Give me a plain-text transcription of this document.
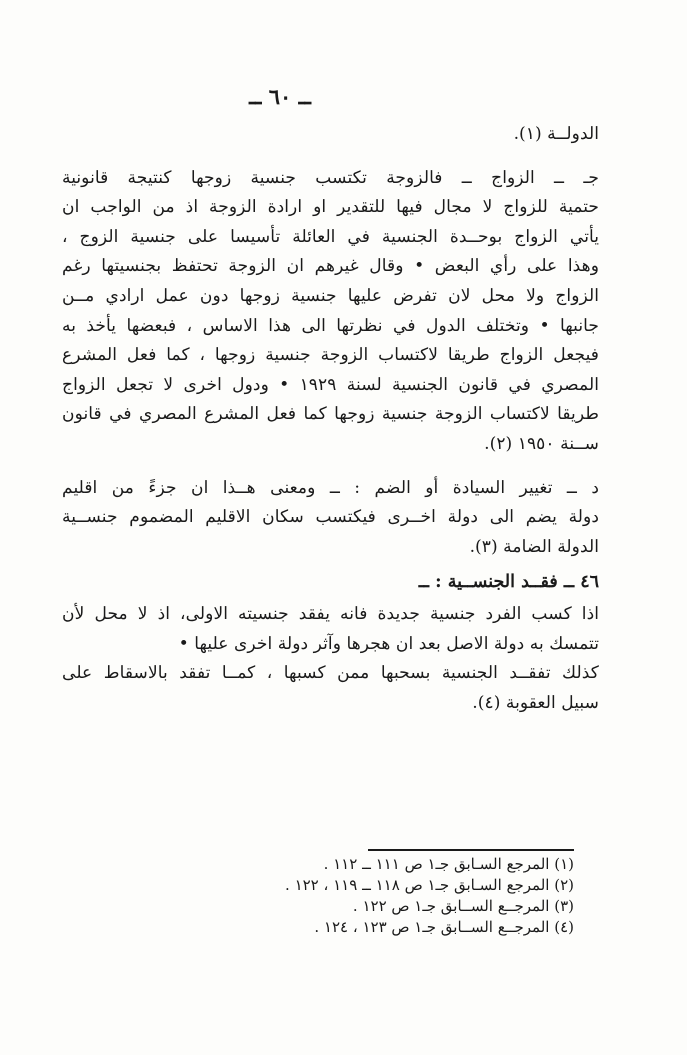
ــ ٦٠ ــ
الدولــة (١).
جـ ــ الزواج ــ فالزوجة تكتسب جنسية زوجها كنتيجة قانونية
حتمية للزواج لا مجال فيها للتقدير او ارادة الزوجة اذ من الواجب ان
يأتي الزواج بوحــدة الجنسية في العائلة تأسيسا على جنسية الزوج ،
وهذا على رأي البعض • وقال غيرهم ان الزوجة تحتفظ بجنسيتها رغم
الزواج ولا محل لان تفرض عليها جنسية زوجها دون عمل ارادي مــن
جانبها • وتختلف الدول في نظرتها الى هذا الاساس ، فبعضها يأخذ به
فيجعل الزواج طريقا لاكتساب الزوجة جنسية زوجها ، كما فعل المشرع
المصري في قانون الجنسية لسنة ١٩٢٩ • ودول اخرى لا تجعل الزواج
طريقا لاكتساب الزوجة جنسية زوجها كما فعل المشرع المصري في قانون
ســنة ١٩٥٠ (٢).
د ــ تغيير السيادة أو الضم : ــ ومعنى هــذا ان جزءً من اقليم
دولة يضم الى دولة اخــرى فيكتسب سكان الاقليم المضموم جنســية
الدولة الضامة (٣).
٤٦ ــ فقــد الجنســية : ــ
اذا كسب الفرد جنسية جديدة فانه يفقد جنسيته الاولى، اذ لا محل لأن
تتمسك به دولة الاصل بعد ان هجرها وآثر دولة اخرى عليها •
كذلك تفقــد الجنسية بسحبها ممن كسبها ، كمــا تفقد بالاسقاط على
سبيل العقوبة (٤).
(١) المرجع السـابق جـ١ ص ١١١ ــ ١١٢ .
(٢) المرجع السـابق جـ١ ص ١١٨ ــ ١١٩ ، ١٢٢ .
(٣) المرجــع الســابق جـ١ ص ١٢٢ .
(٤) المرجــع الســابق جـ١ ص ١٢٣ ، ١٢٤ .
